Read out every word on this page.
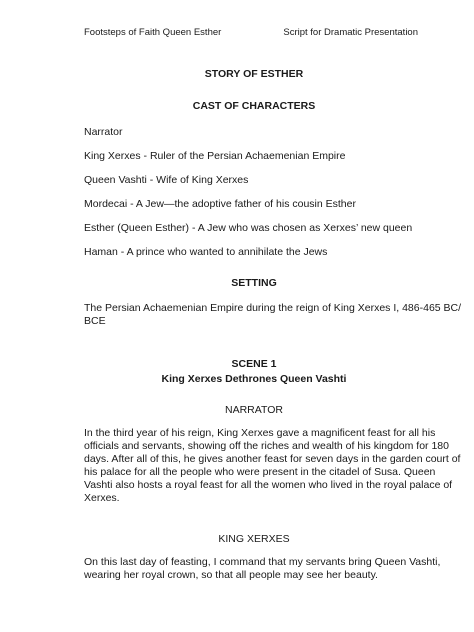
Footsteps of Faith Queen Esther	Script for Dramatic Presentation
STORY OF ESTHER
CAST OF CHARACTERS
Narrator
King Xerxes - Ruler of the Persian Achaemenian Empire
Queen Vashti - Wife of King Xerxes
Mordecai - A Jew—the adoptive father of his cousin Esther
Esther (Queen Esther) - A Jew who was chosen as Xerxes’ new queen
Haman - A prince who wanted to annihilate the Jews
SETTING
The Persian Achaemenian Empire during the reign of King Xerxes I, 486-465 BC/
BCE
SCENE 1
King Xerxes Dethrones Queen Vashti
NARRATOR
In the third year of his reign, King Xerxes gave a magnificent feast for all his
officials and servants, showing off the riches and wealth of his kingdom for 180
days. After all of this, he gives another feast for seven days in the garden court of
his palace for all the people who were present in the citadel of Susa. Queen
Vashti also hosts a royal feast for all the women who lived in the royal palace of
Xerxes.
KING XERXES
On this last day of feasting, I command that my servants bring Queen Vashti,
wearing her royal crown, so that all people may see her beauty.
